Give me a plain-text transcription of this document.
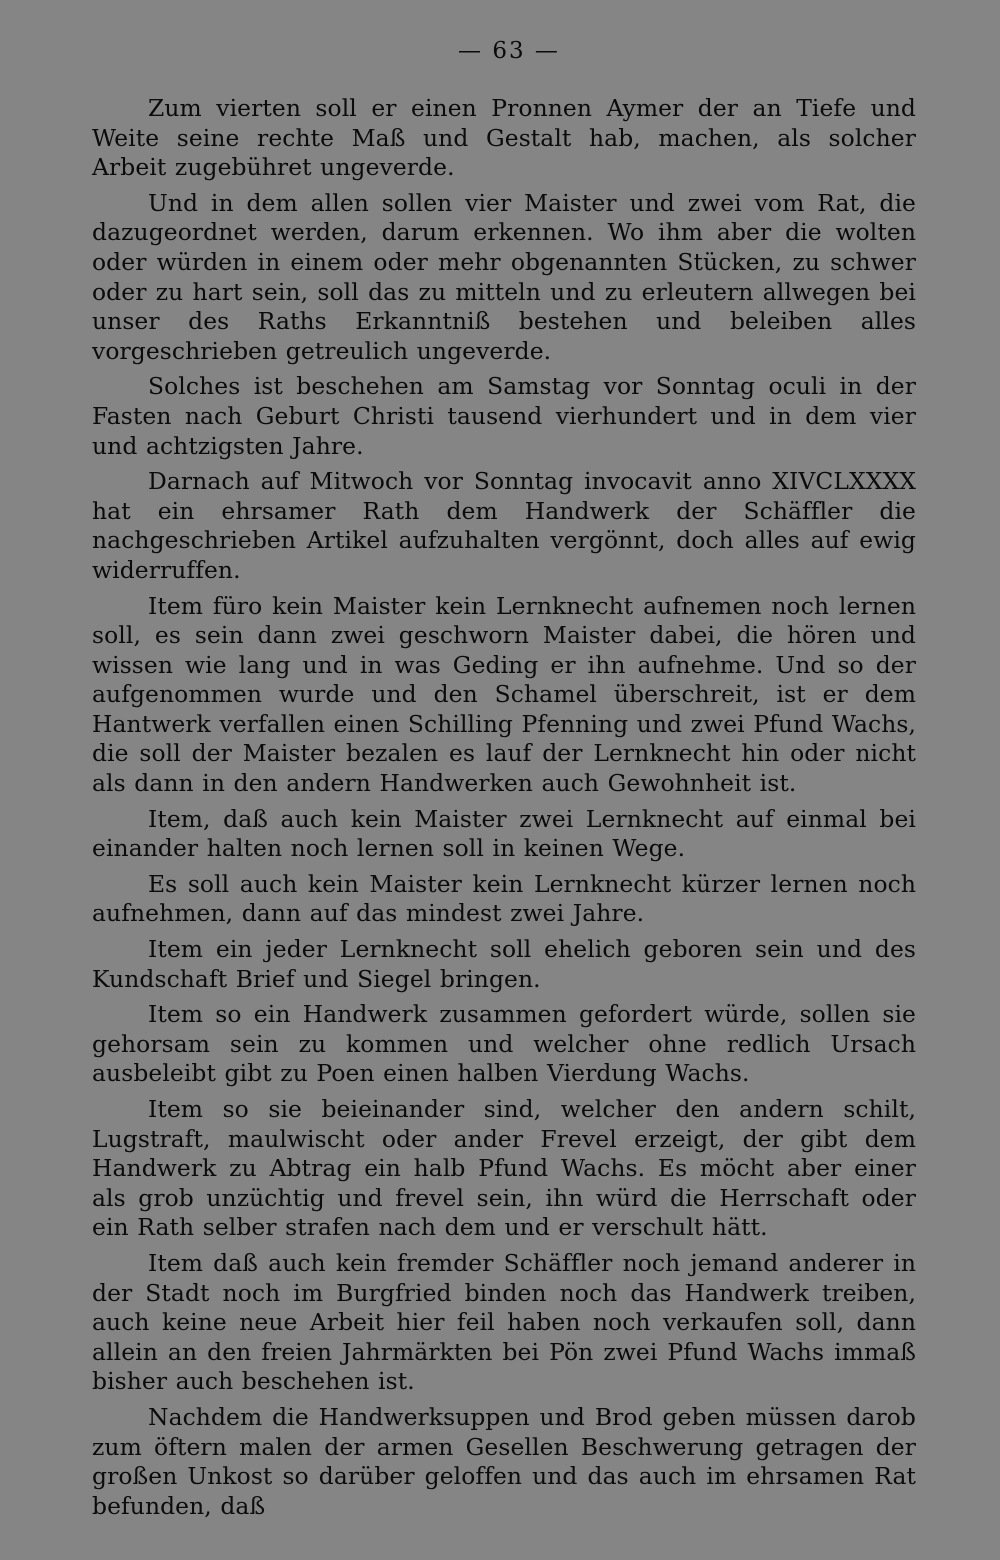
— 63 —

Zum vierten soll er einen Pronnen Aymer der an Tiefe und Weite seine rechte Maß und Gestalt hab, machen, als solcher Arbeit zugebühret ungeverde.

Und in dem allen sollen vier Maister und zwei vom Rat, die dazugeordnet werden, darum erkennen. Wo ihm aber die wolten oder würden in einem oder mehr obgenannten Stücken, zu schwer oder zu hart sein, soll das zu mitteln und zu erleutern allwegen bei unser des Raths Erkanntniß bestehen und beleiben alles vorgeschrieben getreulich ungeverde.

Solches ist beschehen am Samstag vor Sonntag oculi in der Fasten nach Geburt Christi tausend vierhundert und in dem vier und achtzigsten Jahre.

Darnach auf Mitwoch vor Sonntag invocavit anno XIVCLXXXX hat ein ehrsamer Rath dem Handwerk der Schäffler die nachgeschrieben Artikel aufzuhalten vergönnt, doch alles auf ewig widerruffen.

Item füro kein Maister kein Lernknecht aufnemen noch lernen soll, es sein dann zwei geschworn Maister dabei, die hören und wissen wie lang und in was Geding er ihn aufnehme. Und so der aufgenommen wurde und den Schamel überschreit, ist er dem Hantwerk verfallen einen Schilling Pfenning und zwei Pfund Wachs, die soll der Maister bezalen es lauf der Lernknecht hin oder nicht als dann in den andern Handwerken auch Gewohnheit ist.

Item, daß auch kein Maister zwei Lernknecht auf einmal bei einander halten noch lernen soll in keinen Wege.

Es soll auch kein Maister kein Lernknecht kürzer lernen noch aufnehmen, dann auf das mindest zwei Jahre.

Item ein jeder Lernknecht soll ehelich geboren sein und des Kundschaft Brief und Siegel bringen.

Item so ein Handwerk zusammen gefordert würde, sollen sie gehorsam sein zu kommen und welcher ohne redlich Ursach ausbeleibt gibt zu Poen einen halben Vierdung Wachs.

Item so sie beieinander sind, welcher den andern schilt, Lugstraft, maulwischt oder ander Frevel erzeigt, der gibt dem Handwerk zu Abtrag ein halb Pfund Wachs. Es möcht aber einer als grob unzüchtig und frevel sein, ihn würd die Herrschaft oder ein Rath selber strafen nach dem und er verschult hätt.

Item daß auch kein fremder Schäffler noch jemand anderer in der Stadt noch im Burgfried binden noch das Handwerk treiben, auch keine neue Arbeit hier feil haben noch verkaufen soll, dann allein an den freien Jahrmärkten bei Pön zwei Pfund Wachs immaß bisher auch beschehen ist.

Nachdem die Handwerksuppen und Brod geben müssen darob zum öftern malen der armen Gesellen Beschwerung getragen der großen Unkost so darüber geloffen und das auch im ehrsamen Rat befunden, daß
